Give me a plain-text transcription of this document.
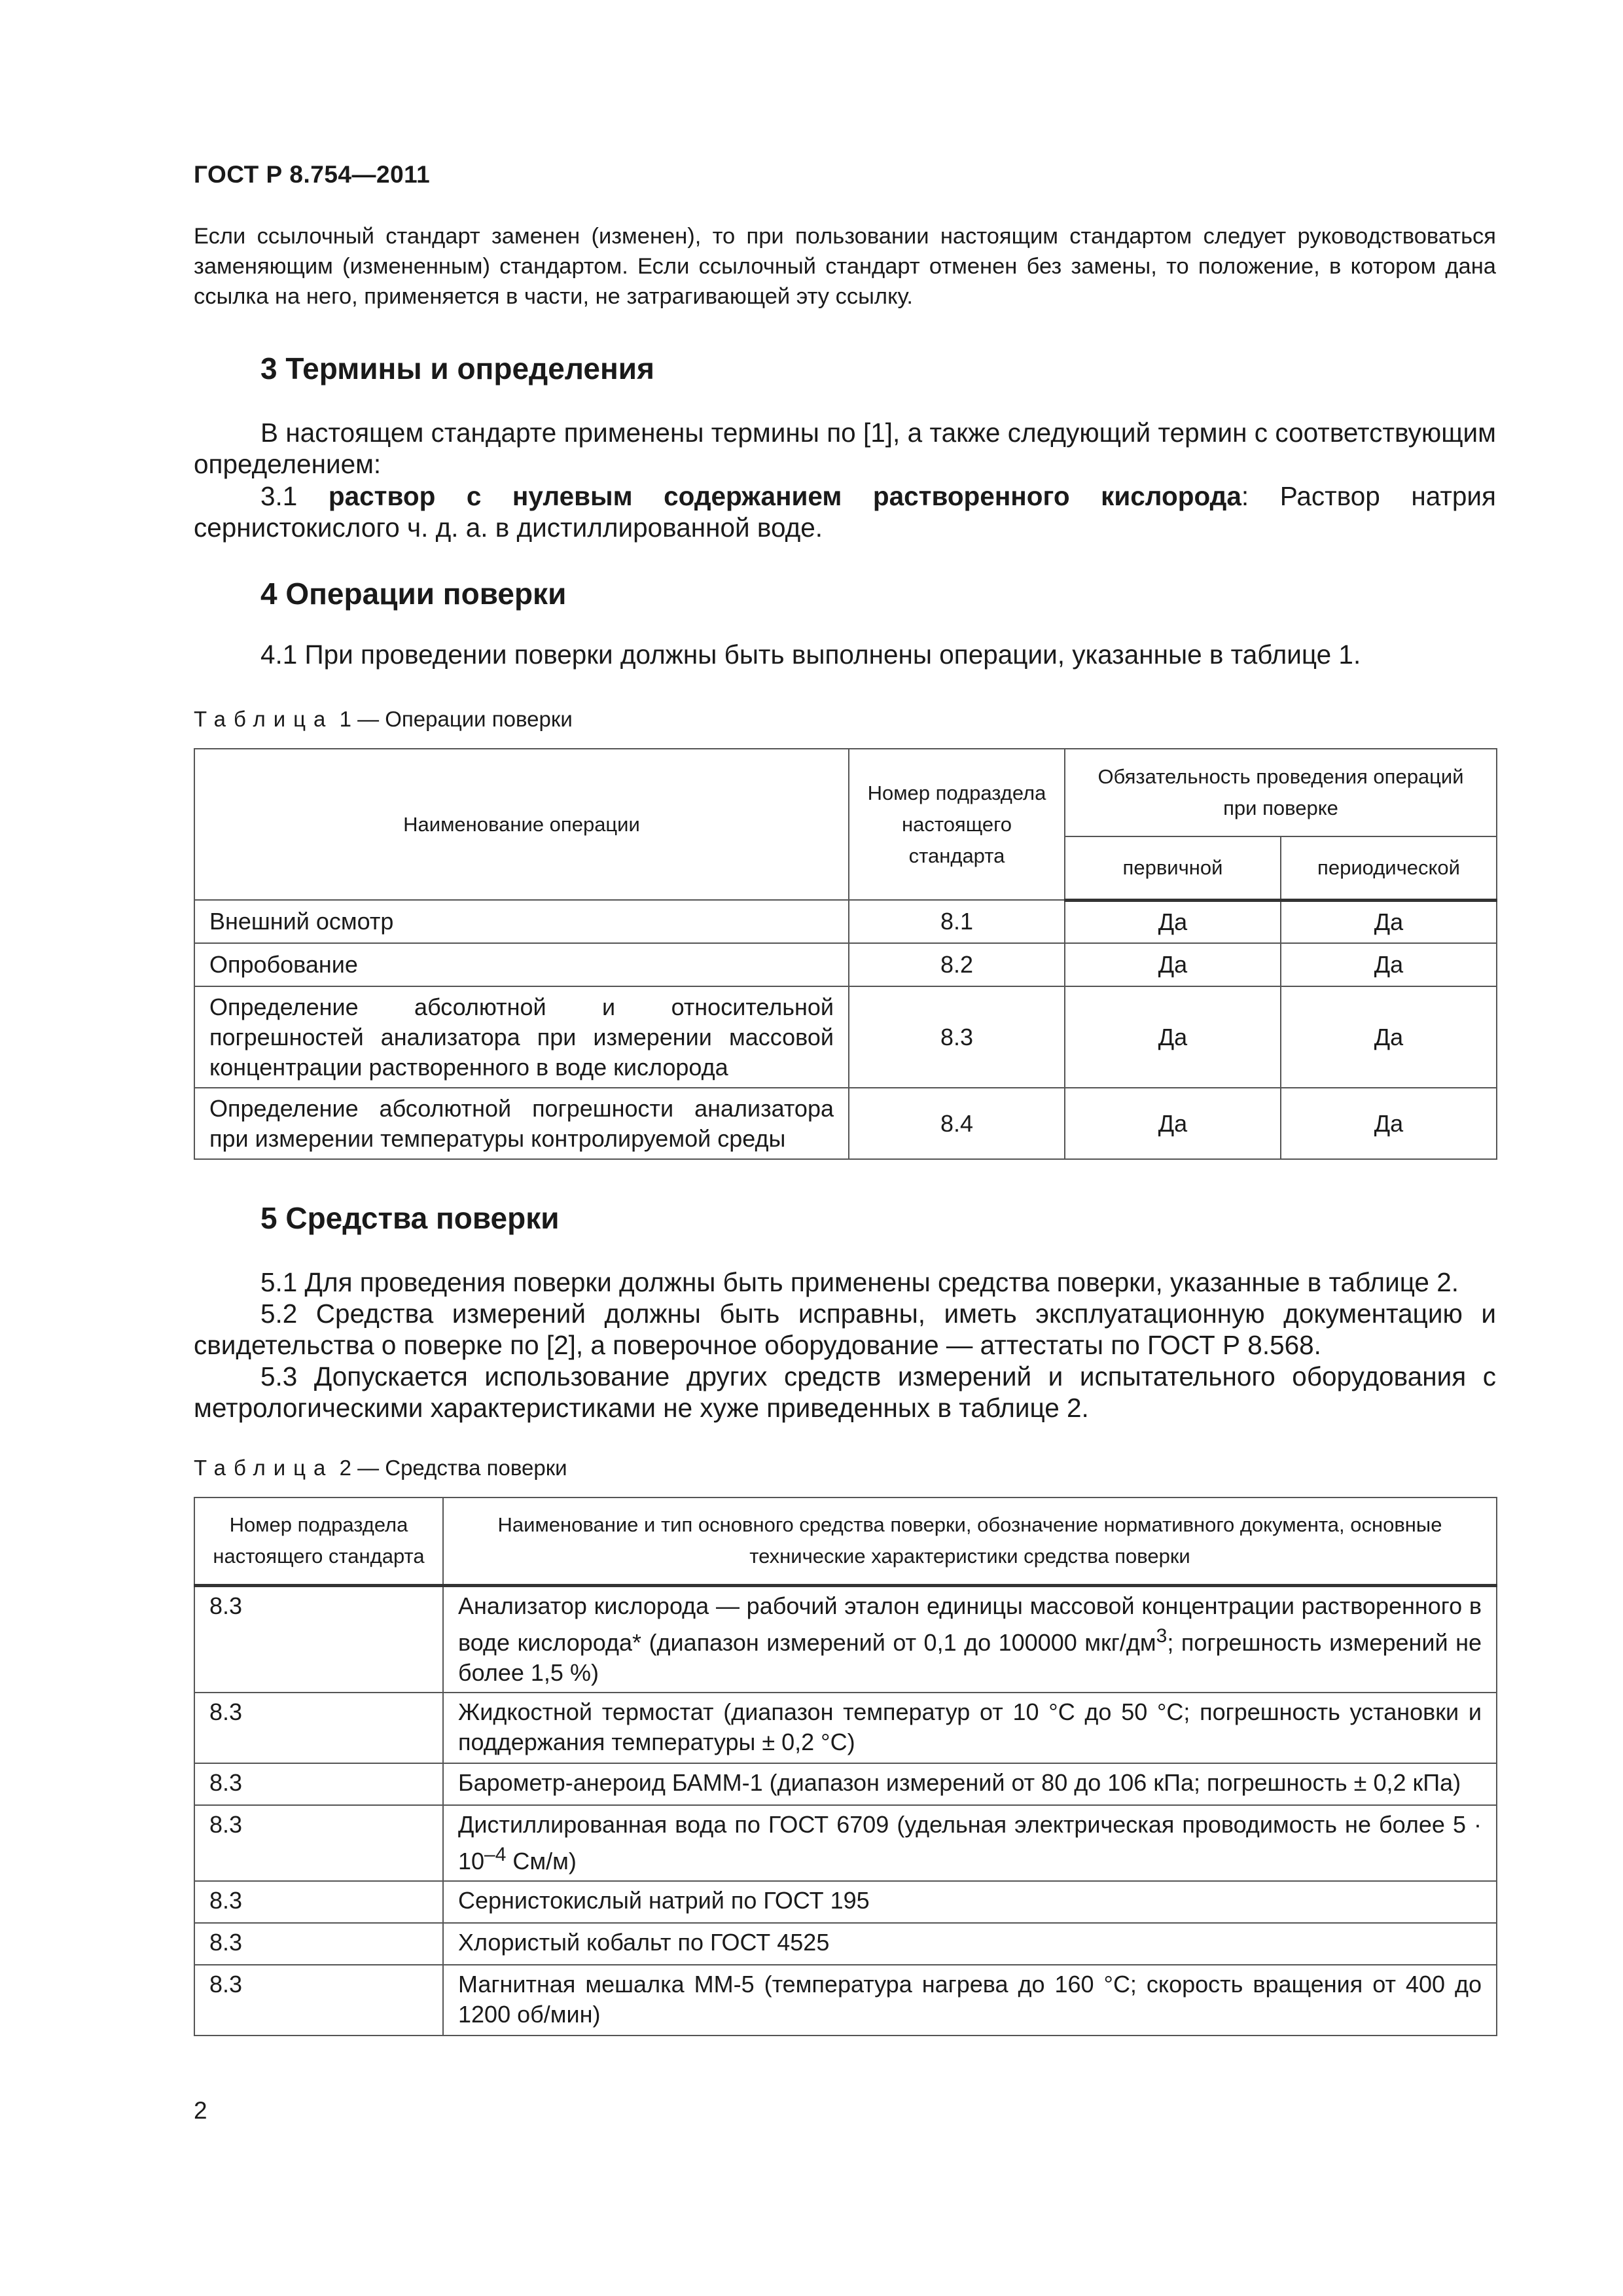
ГОСТ Р 8.754—2011
Если ссылочный стандарт заменен (изменен), то при пользовании настоящим стандартом следует руководствоваться заменяющим (измененным) стандартом. Если ссылочный стандарт отменен без замены, то положение, в котором дана ссылка на него, применяется в части, не затрагивающей эту ссылку.
3 Термины и определения
В настоящем стандарте применены термины по [1], а также следующий термин с соответствующим определением:
3.1 раствор с нулевым содержанием растворенного кислорода: Раствор натрия сернистокислого ч. д. а. в дистиллированной воде.
4 Операции поверки
4.1 При проведении поверки должны быть выполнены операции, указанные в таблице 1.
Таблица 1 — Операции поверки
Наименование операции	Номер подраздела настоящего стандарта	Обязательность проведения операций при поверке	
		первичной	периодической
Внешний осмотр	8.1	Да	Да
Опробование	8.2	Да	Да
Определение абсолютной и относительной погрешностей анализатора при измерении массовой концентрации растворенного в воде кислорода	8.3	Да	Да
Определение абсолютной погрешности анализатора при измерении температуры контролируемой среды	8.4	Да	Да
5 Средства поверки
5.1 Для проведения поверки должны быть применены средства поверки, указанные в таблице 2.
5.2 Средства измерений должны быть исправны, иметь эксплуатационную документацию и свидетельства о поверке по [2], а поверочное оборудование — аттестаты по ГОСТ Р 8.568.
5.3 Допускается использование других средств измерений и испытательного оборудования с метрологическими характеристиками не хуже приведенных в таблице 2.
Таблица 2 — Средства поверки
Номер подраздела настоящего стандарта	Наименование и тип основного средства поверки, обозначение нормативного документа, основные технические характеристики средства поверки
8.3	Анализатор кислорода — рабочий эталон единицы массовой концентрации растворенного в воде кислорода* (диапазон измерений от 0,1 до 100000 мкг/$дм^3$; погрешность измерений не более 1,5 %)
8.3	Жидкостной термостат (диапазон температур от 10 °С до 50 °С; погрешность установки и поддержания температуры ± 0,2 °С)
8.3	Барометр-анероид БАММ-1 (диапазон измерений от 80 до 106 кПа; погрешность ± 0,2 кПа)
8.3	Дистиллированная вода по ГОСТ 6709 (удельная электрическая проводимость не более $5 \cdot 10^{-4}$ См/м)
8.3	Сернистокислый натрий по ГОСТ 195
8.3	Хлористый кобальт по ГОСТ 4525
8.3	Магнитная мешалка ММ-5 (температура нагрева до 160 °С; скорость вращения от 400 до 1200 об/мин)
2
